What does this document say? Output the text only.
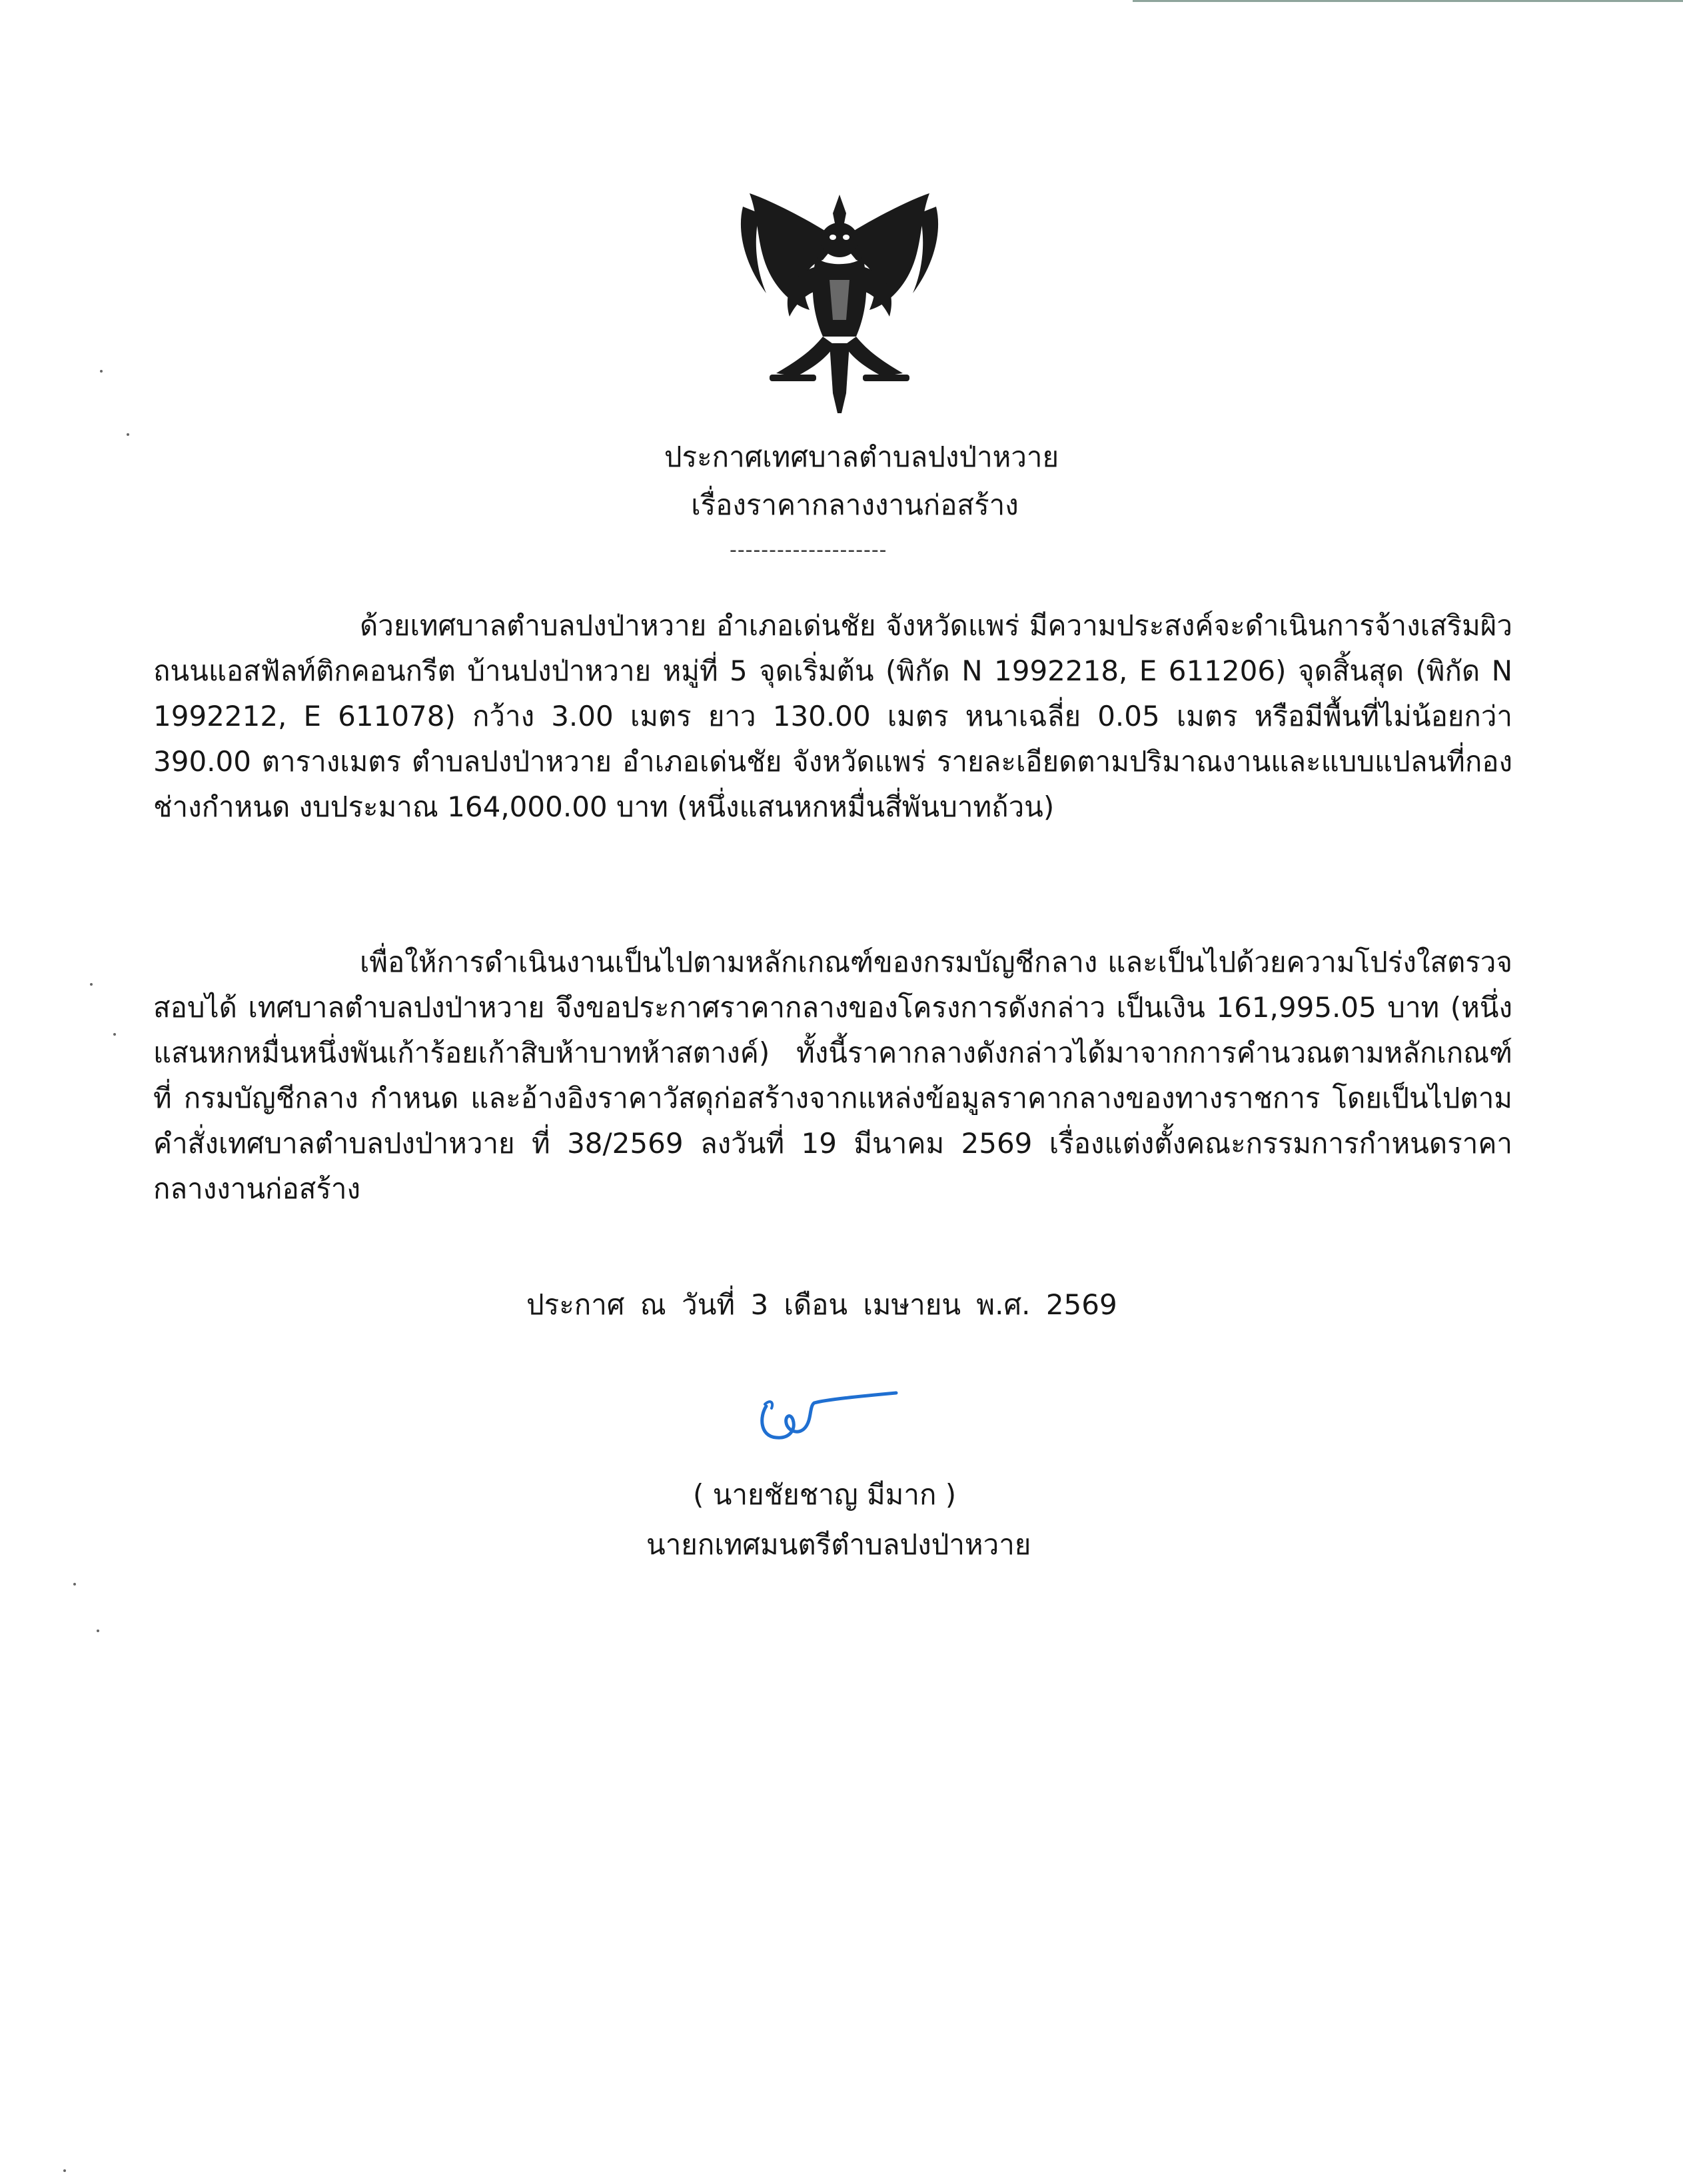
ประกาศเทศบาลตำบลปงป่าหวาย
เรื่องราคากลางงานก่อสร้าง
--------------------

ด้วยเทศบาลตำบลปงป่าหวาย อำเภอเด่นชัย จังหวัดแพร่ มีความประสงค์จะดำเนินการจ้างเสริมผิวถนนแอสฟัลท์ติกคอนกรีต บ้านปงป่าหวาย หมู่ที่ 5 จุดเริ่มต้น (พิกัด N 1992218, E 611206) จุดสิ้นสุด (พิกัด N 1992212, E 611078) กว้าง 3.00 เมตร ยาว 130.00 เมตร หนาเฉลี่ย 0.05 เมตร หรือมีพื้นที่ไม่น้อยกว่า 390.00 ตารางเมตร ตำบลปงป่าหวาย อำเภอเด่นชัย จังหวัดแพร่ รายละเอียดตามปริมาณงานและแบบแปลนที่กองช่างกำหนด งบประมาณ 164,000.00 บาท (หนึ่งแสนหกหมื่นสี่พันบาทถ้วน)

เพื่อให้การดำเนินงานเป็นไปตามหลักเกณฑ์ของกรมบัญชีกลาง และเป็นไปด้วยความโปร่งใสตรวจสอบได้ เทศบาลตำบลปงป่าหวาย จึงขอประกาศราคากลางของโครงการดังกล่าว เป็นเงิน 161,995.05 บาท (หนึ่งแสนหกหมื่นหนึ่งพันเก้าร้อยเก้าสิบห้าบาทห้าสตางค์) ทั้งนี้ราคากลางดังกล่าวได้มาจากการคำนวณตามหลักเกณฑ์ที่ กรมบัญชีกลาง กำหนด และอ้างอิงราคาวัสดุก่อสร้างจากแหล่งข้อมูลราคากลางของทางราชการ โดยเป็นไปตามคำสั่งเทศบาลตำบลปงป่าหวาย ที่ 38/2569 ลงวันที่ 19 มีนาคม 2569 เรื่องแต่งตั้งคณะกรรมการกำหนดราคากลางงานก่อสร้าง

ประกาศ ณ วันที่ 3 เดือน เมษายน พ.ศ. 2569
( นายชัยชาญ มีมาก )
นายกเทศมนตรีตำบลปงป่าหวาย
